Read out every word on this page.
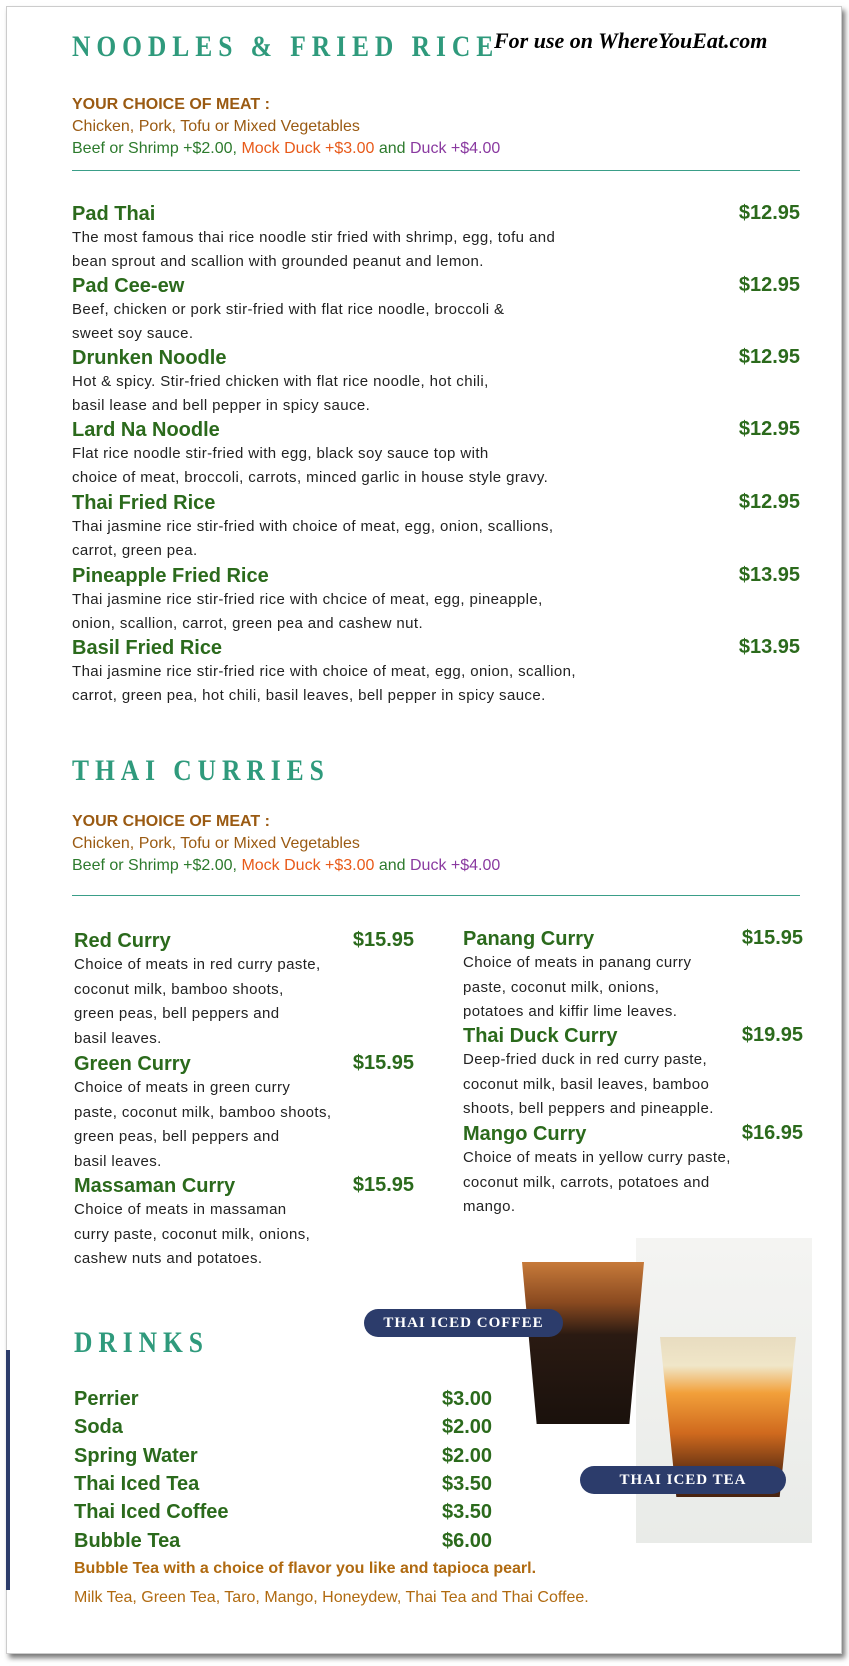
NOODLES & FRIED RICE
For use on WhereYouEat.com
YOUR CHOICE OF MEAT :
Chicken, Pork, Tofu or Mixed Vegetables
Beef or Shrimp +$2.00, Mock Duck +$3.00 and Duck +$4.00
Pad Thai	$12.95
The most famous thai rice noodle stir fried with shrimp, egg, tofu and
bean sprout and scallion with grounded peanut and lemon.
Pad Cee-ew	$12.95
Beef, chicken or pork stir-fried with flat rice noodle, broccoli &
sweet soy sauce.
Drunken Noodle	$12.95
Hot & spicy. Stir-fried chicken with flat rice noodle, hot chili,
basil lease and bell pepper in spicy sauce.
Lard Na Noodle	$12.95
Flat rice noodle stir-fried with egg, black soy sauce top with
choice of meat, broccoli, carrots, minced garlic in house style gravy.
Thai Fried Rice	$12.95
Thai jasmine rice stir-fried with choice of meat, egg, onion, scallions,
carrot, green pea.
Pineapple Fried Rice	$13.95
Thai jasmine rice stir-fried rice with chcice of meat, egg, pineapple,
onion, scallion, carrot, green pea and cashew nut.
Basil Fried Rice	$13.95
Thai jasmine rice stir-fried rice with choice of meat, egg, onion, scallion,
carrot, green pea, hot chili, basil leaves, bell pepper in spicy sauce.
THAI CURRIES
YOUR CHOICE OF MEAT :
Chicken, Pork, Tofu or Mixed Vegetables
Beef or Shrimp +$2.00, Mock Duck +$3.00 and Duck +$4.00
Red Curry	$15.95
Choice of meats in red curry paste,
coconut milk, bamboo shoots,
green peas, bell peppers and
basil leaves.
Green Curry	$15.95
Choice of meats in green curry
paste, coconut milk, bamboo shoots,
green peas, bell peppers and
basil leaves.
Massaman Curry	$15.95
Choice of meats in massaman
curry paste, coconut milk, onions,
cashew nuts and potatoes.
Panang Curry	$15.95
Choice of meats in panang curry
paste, coconut milk, onions,
potatoes and kiffir lime leaves.
Thai Duck Curry	$19.95
Deep-fried duck in red curry paste,
coconut milk, basil leaves, bamboo
shoots, bell peppers and pineapple.
Mango Curry	$16.95
Choice of meats in yellow curry paste,
coconut milk, carrots, potatoes and
mango.
THAI ICED COFFEE
THAI ICED TEA
DRINKS
Perrier	$3.00
Soda	$2.00
Spring Water	$2.00
Thai Iced Tea	$3.50
Thai Iced Coffee	$3.50
Bubble Tea	$6.00
Bubble Tea with a choice of flavor you like and tapioca pearl.
Milk Tea, Green Tea, Taro, Mango, Honeydew, Thai Tea and Thai Coffee.
